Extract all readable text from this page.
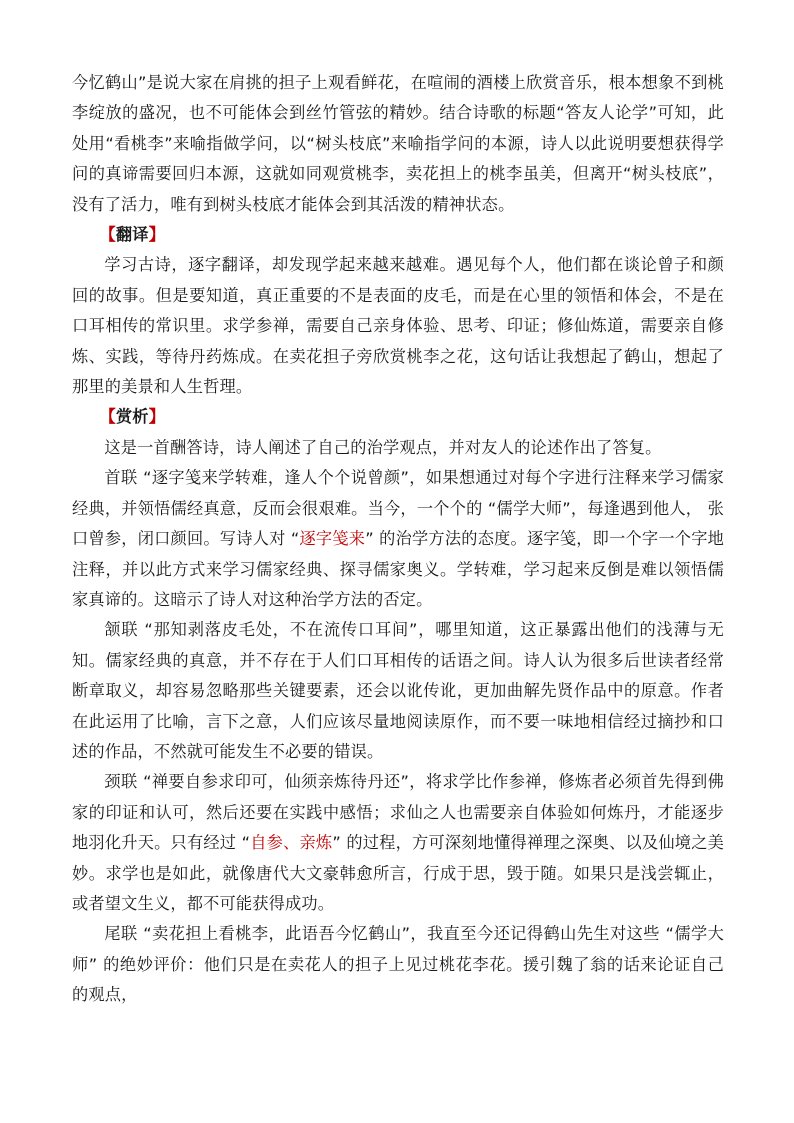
今忆鹤山”是说大家在肩挑的担子上观看鲜花，在喧闹的酒楼上欣赏音乐，根本想象不到桃李绽放的盛况，也不可能体会到丝竹管弦的精妙。结合诗歌的标题“答友人论学”可知，此处用“看桃李”来喻指做学问，以“树头枝底”来喻指学问的本源，诗人以此说明要想获得学问的真谛需要回归本源，这就如同观赏桃李，卖花担上的桃李虽美，但离开“树头枝底”，没有了活力，唯有到树头枝底才能体会到其活泼的精神状态。

【翻译】

学习古诗，逐字翻译，却发现学起来越来越难。遇见每个人，他们都在谈论曾子和颜回的故事。但是要知道，真正重要的不是表面的皮毛，而是在心里的领悟和体会，不是在口耳相传的常识里。求学参禅，需要自己亲身体验、思考、印证；修仙炼道，需要亲自修炼、实践，等待丹药炼成。在卖花担子旁欣赏桃李之花，这句话让我想起了鹤山，想起了那里的美景和人生哲理。

【赏析】

这是一首酬答诗，诗人阐述了自己的治学观点，并对友人的论述作出了答复。

首联 “逐字笺来学转难，逢人个个说曾颜”，如果想通过对每个字进行注释来学习儒家经典，并领悟儒经真意，反而会很艰难。当今，一个个的 “儒学大师”，每逢遇到他人， 张口曾参，闭口颜回。写诗人对 “逐字笺来” 的治学方法的态度。逐字笺，即一个字一个字地注释，并以此方式来学习儒家经典、探寻儒家奥义。学转难，学习起来反倒是难以领悟儒家真谛的。这暗示了诗人对这种治学方法的否定。

颔联 “那知剥落皮毛处，不在流传口耳间”，哪里知道，这正暴露出他们的浅薄与无知。儒家经典的真意，并不存在于人们口耳相传的话语之间。诗人认为很多后世读者经常断章取义，却容易忽略那些关键要素，还会以讹传讹，更加曲解先贤作品中的原意。作者在此运用了比喻，言下之意，人们应该尽量地阅读原作，而不要一味地相信经过摘抄和口述的作品，不然就可能发生不必要的错误。

颈联 “禅要自参求印可，仙须亲炼待丹还”，将求学比作参禅，修炼者必须首先得到佛家的印证和认可，然后还要在实践中感悟；求仙之人也需要亲自体验如何炼丹，才能逐步地羽化升天。只有经过 “自参、亲炼” 的过程，方可深刻地懂得禅理之深奥、以及仙境之美妙。求学也是如此，就像唐代大文豪韩愈所言，行成于思，毁于随。如果只是浅尝辄止，或者望文生义，都不可能获得成功。

尾联 “卖花担上看桃李，此语吾今忆鹤山”，我直至今还记得鹤山先生对这些 “儒学大师” 的绝妙评价：他们只是在卖花人的担子上见过桃花李花。援引魏了翁的话来论证自己的观点，
